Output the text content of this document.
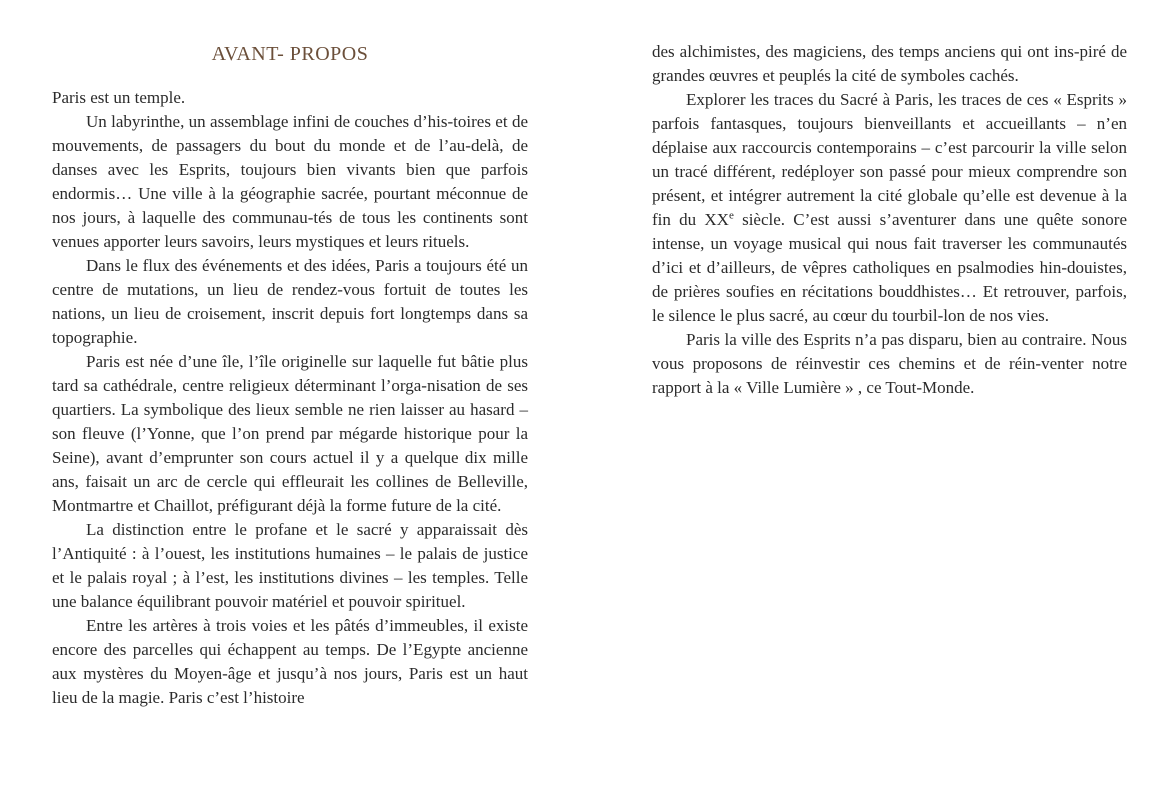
AVANT- PROPOS

Paris est un temple.

Un labyrinthe, un assemblage infini de couches d’his-toires et de mouvements, de passagers du bout du monde et de l’au-delà, de danses avec les Esprits, toujours bien vivants bien que parfois endormis… Une ville à la géographie sacrée, pourtant méconnue de nos jours, à laquelle des communau-tés de tous les continents sont venues apporter leurs savoirs, leurs mystiques et leurs rituels.

Dans le flux des événements et des idées, Paris a toujours été un centre de mutations, un lieu de rendez-vous fortuit de toutes les nations, un lieu de croisement, inscrit depuis fort longtemps dans sa topographie.

Paris est née d’une île, l’île originelle sur laquelle fut bâtie plus tard sa cathédrale, centre religieux déterminant l’orga-nisation de ses quartiers. La symbolique des lieux semble ne rien laisser au hasard – son fleuve (l’Yonne, que l’on prend par mégarde historique pour la Seine), avant d’emprunter son cours actuel il y a quelque dix mille ans, faisait un arc de cercle qui effleurait les collines de Belleville, Montmartre et Chaillot, préfigurant déjà la forme future de la cité.

La distinction entre le profane et le sacré y apparaissait dès l’Antiquité : à l’ouest, les institutions humaines – le palais de justice et le palais royal ; à l’est, les institutions divines – les temples. Telle une balance équilibrant pouvoir matériel et pouvoir spirituel.

Entre les artères à trois voies et les pâtés d’immeubles, il existe encore des parcelles qui échappent au temps. De l’Egypte ancienne aux mystères du Moyen-âge et jusqu’à nos jours, Paris est un haut lieu de la magie. Paris c’est l’histoire

des alchimistes, des magiciens, des temps anciens qui ont ins-piré de grandes œuvres et peuplés la cité de symboles cachés.

Explorer les traces du Sacré à Paris, les traces de ces « Esprits » parfois fantasques, toujours bienveillants et accueillants – n’en déplaise aux raccourcis contemporains – c’est parcourir la ville selon un tracé différent, redéployer son passé pour mieux comprendre son présent, et intégrer autrement la cité globale qu’elle est devenue à la fin du XXe siècle. C’est aussi s’aventurer dans une quête sonore intense, un voyage musical qui nous fait traverser les communautés d’ici et d’ailleurs, de vêpres catholiques en psalmodies hin-douistes, de prières soufies en récitations bouddhistes… Et retrouver, parfois, le silence le plus sacré, au cœur du tourbil-lon de nos vies.

Paris la ville des Esprits n’a pas disparu, bien au contraire. Nous vous proposons de réinvestir ces chemins et de réin-venter notre rapport à la « Ville Lumière » , ce Tout-Monde.
